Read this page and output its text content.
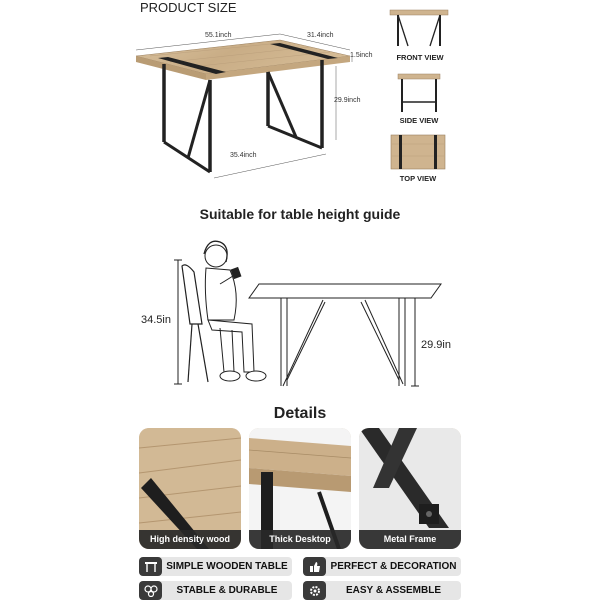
PRODUCT SIZE
55.1inch	31.4inch
1.5inch
29.9inch
35.4inch
FRONT VIEW
SIDE VIEW
TOP VIEW
Suitable for table height guide
34.5in
29.9in
Details
High density wood	Thick Desktop	Metal Frame
SIMPLE WOODEN TABLE	PERFECT & DECORATION
STABLE & DURABLE	EASY & ASSEMBLE
